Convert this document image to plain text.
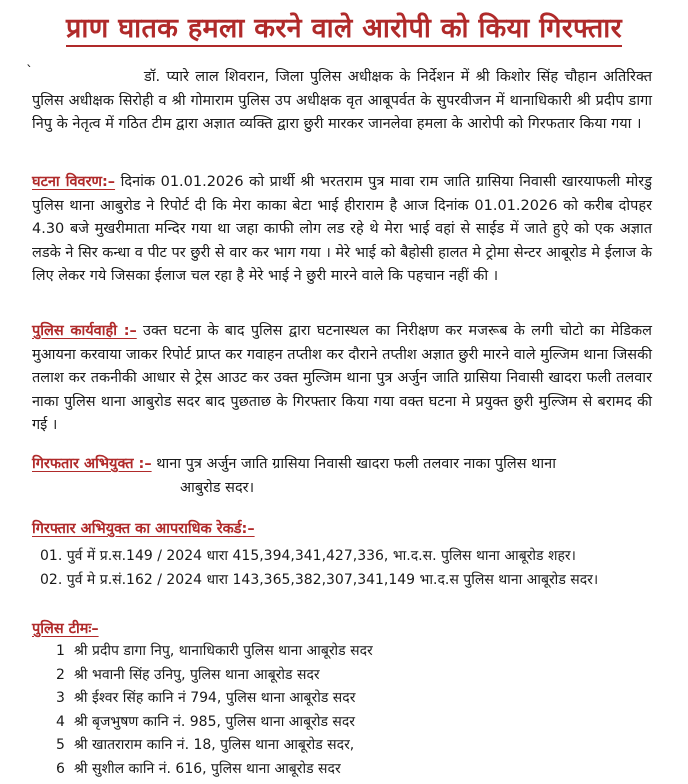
प्राण घातक हमला करने वाले आरोपी को किया गिरफ्तार
`	डॉ. प्यारे लाल शिवरान, जिला पुलिस अधीक्षक के निर्देशन में श्री किशोर सिंह चौहान अतिरिक्त पुलिस अधीक्षक सिरोही व श्री गोमाराम पुलिस उप अधीक्षक वृत आबूपर्वत के सुपरवीजन में थानाधिकारी श्री प्रदीप डागा निपु के नेतृत्व में गठित टीम द्वारा अज्ञात व्यक्ति द्वारा छुरी मारकर जानलेवा हमला के आरोपी को गिरफतार किया गया ।
घटना विवरण:– दिनांक 01.01.2026 को प्रार्थी श्री भरतराम पुत्र मावा राम जाति ग्रासिया निवासी खारयाफली मोरडु पुलिस थाना आबुरोड ने रिपोर्ट दी कि मेरा काका बेटा भाई हीराराम है आज दिनांक 01.01.2026 को करीब दोपहर 4.30 बजे मुखरीमाता मन्दिर गया था जहा काफी लोग लड रहे थे मेरा भाई वहां से साईड में जाते हुऐ को एक अज्ञात लडके ने सिर कन्धा व पीट पर छुरी से वार कर भाग गया । मेरे भाई को बैहोसी हालत मे ट्रोमा सेन्टर आबूरोड मे ईलाज के लिए लेकर गये जिसका ईलाज चल रहा है मेरे भाई ने छुरी मारने वाले कि पहचान नहीं की ।
पुलिस कार्यवाही :– उक्त घटना के बाद पुलिस द्वारा घटनास्थल का निरीक्षण कर मजरूब के लगी चोटो का मेडिकल मुआयना करवाया जाकर रिपोर्ट प्राप्त कर गवाहन तप्तीश कर दौराने तप्तीश अज्ञात छुरी मारने वाले मुल्जिम थाना जिसकी तलाश कर तकनीकी आधार से ट्रेस आउट कर उक्त मुल्जिम थाना पुत्र अर्जुन जाति ग्रासिया निवासी खादरा फली तलवार नाका पुलिस थाना आबुरोड सदर बाद पुछताछ के गिरफ्तार किया गया वक्त घटना मे प्रयुक्त छुरी मुल्जिम से बरामद की गई ।
गिरफतार अभियुक्त :– थाना पुत्र अर्जुन जाति ग्रासिया निवासी खादरा फली तलवार नाका पुलिस थाना
आबुरोड सदर।
गिरफ्तार अभियुक्त का आपराधिक रेकर्ड:–
01. पुर्व में प्र.स.149 / 2024 धारा 415,394,341,427,336, भा.द.स. पुलिस थाना आबूरोड शहर।
02. पुर्व मे प्र.सं.162 / 2024 धारा 143,365,382,307,341,149 भा.द.स पुलिस थाना आबूरोड सदर।
पुलिस टीमः–
1 श्री प्रदीप डागा निपु, थानाधिकारी पुलिस थाना आबूरोड सदर
2 श्री भवानी सिंह उनिपु, पुलिस थाना आबूरोड सदर
3 श्री ईश्वर सिंह कानि नं 794, पुलिस थाना आबूरोड सदर
4 श्री बृजभुषण कानि नं. 985, पुलिस थाना आबूरोड सदर
5 श्री खातराराम कानि नं. 18, पुलिस थाना आबूरोड सदर,
6 श्री सुशील कानि नं. 616, पुलिस थाना आबूरोड सदर
